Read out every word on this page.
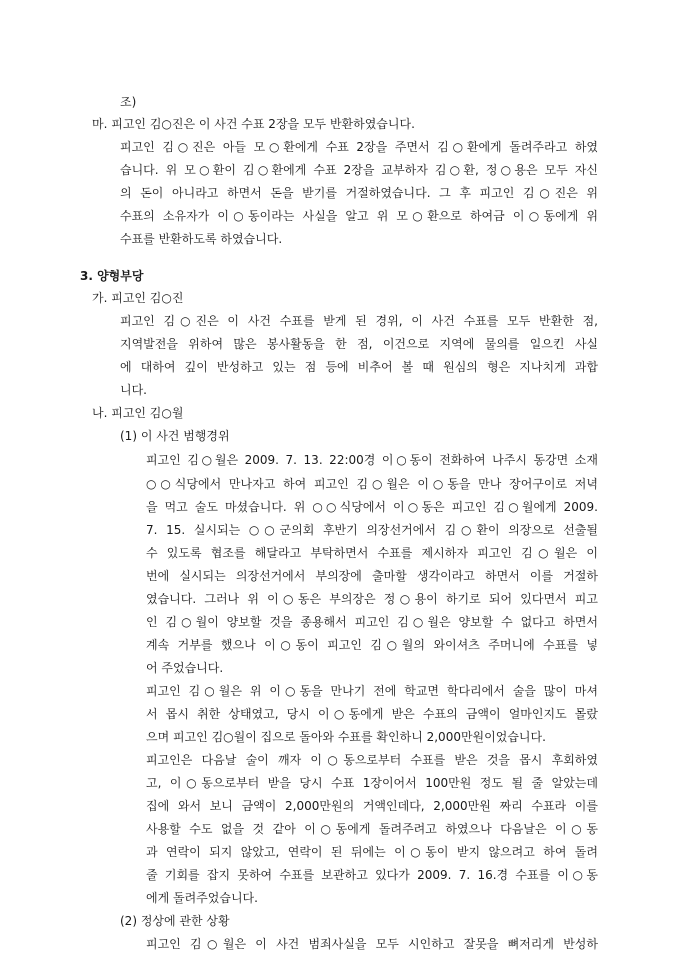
조)
마. 피고인 김○진은 이 사건 수표 2장을 모두 반환하였습니다.
피고인 김○진은 아들 모○환에게 수표 2장을 주면서 김○환에게 돌려주라고 하였
습니다. 위 모○환이 김○환에게 수표 2장을 교부하자 김○환, 정○용은 모두 자신
의 돈이 아니라고 하면서 돈을 받기를 거절하였습니다. 그 후 피고인 김○진은 위
수표의 소유자가 이○동이라는 사실을 알고 위 모○환으로 하여금 이○동에게 위
수표를 반환하도록 하였습니다.
3. 양형부당
가. 피고인 김○진
피고인 김○진은 이 사건 수표를 받게 된 경위, 이 사건 수표를 모두 반환한 점,
지역발전을 위하여 많은 봉사활동을 한 점, 이건으로 지역에 물의를 일으킨 사실
에 대하여 깊이 반성하고 있는 점 등에 비추어 볼 때 원심의 형은 지나치게 과합
니다.
나. 피고인 김○월
(1) 이 사건 범행경위
피고인 김○월은 2009. 7. 13. 22:00경 이○동이 전화하여 나주시 동강면 소재
○○식당에서 만나자고 하여 피고인 김○월은 이○동을 만나 장어구이로 저녁
을 먹고 술도 마셨습니다. 위 ○○식당에서 이○동은 피고인 김○월에게 2009.
7. 15. 실시되는 ○○군의회 후반기 의장선거에서 김○환이 의장으로 선출될
수 있도록 협조를 해달라고 부탁하면서 수표를 제시하자 피고인 김○월은 이
번에 실시되는 의장선거에서 부의장에 출마할 생각이라고 하면서 이를 거절하
였습니다. 그러나 위 이○동은 부의장은 정○용이 하기로 되어 있다면서 피고
인 김○월이 양보할 것을 종용해서 피고인 김○월은 양보할 수 없다고 하면서
계속 거부를 했으나 이○동이 피고인 김○월의 와이셔츠 주머니에 수표를 넣
어 주었습니다.
피고인 김○월은 위 이○동을 만나기 전에 학교면 학다리에서 술을 많이 마셔
서 몹시 취한 상태였고, 당시 이○동에게 받은 수표의 금액이 얼마인지도 몰랐
으며 피고인 김○월이 집으로 돌아와 수표를 확인하니 2,000만원이었습니다.
피고인은 다음날 술이 깨자 이○동으로부터 수표를 받은 것을 몹시 후회하였
고, 이○동으로부터 받을 당시 수표 1장이어서 100만원 정도 될 줄 알았는데
집에 와서 보니 금액이 2,000만원의 거액인데다, 2,000만원 짜리 수표라 이를
사용할 수도 없을 것 같아 이○동에게 돌려주려고 하였으나 다음날은 이○동
과 연락이 되지 않았고, 연락이 된 뒤에는 이○동이 받지 않으려고 하여 돌려
줄 기회를 잡지 못하여 수표를 보관하고 있다가 2009. 7. 16.경 수표를 이○동
에게 돌려주었습니다.
(2) 정상에 관한 상황
피고인 김○월은 이 사건 범죄사실을 모두 시인하고 잘못을 뼈저리게 반성하
